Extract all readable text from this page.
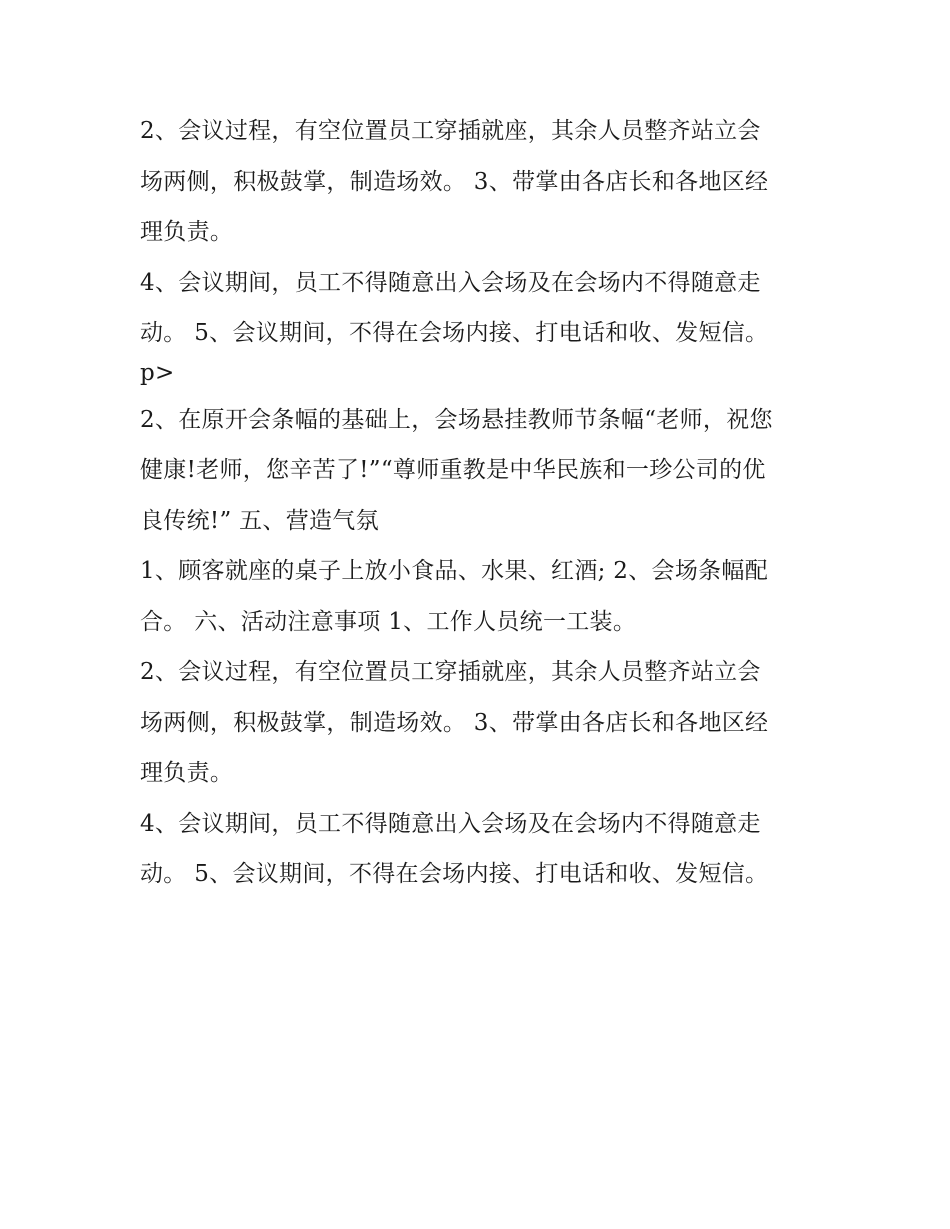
2、会议过程，有空位置员工穿插就座，其余人员整齐站立会
场两侧，积极鼓掌，制造场效。 3、带掌由各店长和各地区经
理负责。
4、会议期间，员工不得随意出入会场及在会场内不得随意走
动。 5、会议期间，不得在会场内接、打电话和收、发短信。
p>
2、在原开会条幅的基础上，会场悬挂教师节条幅“老师，祝您
健康!老师，您辛苦了!”“尊师重教是中华民族和一珍公司的优
良传统!” 五、营造气氛
1、顾客就座的桌子上放小食品、水果、红酒; 2、会场条幅配
合。 六、活动注意事项 1、工作人员统一工装。
2、会议过程，有空位置员工穿插就座，其余人员整齐站立会
场两侧，积极鼓掌，制造场效。 3、带掌由各店长和各地区经
理负责。
4、会议期间，员工不得随意出入会场及在会场内不得随意走
动。 5、会议期间，不得在会场内接、打电话和收、发短信。
